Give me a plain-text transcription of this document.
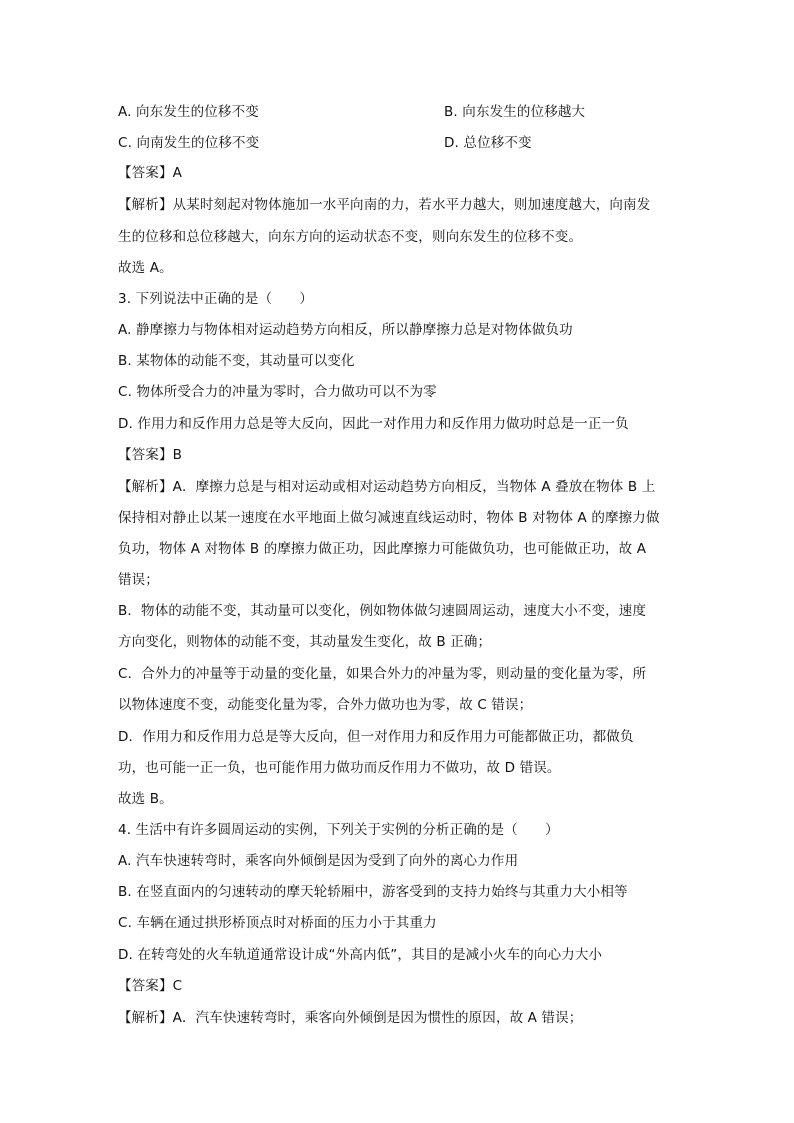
A. 向东发生的位移不变	B. 向东发生的位移越大
C. 向南发生的位移不变	D. 总位移不变
【答案】A
【解析】从某时刻起对物体施加一水平向南的力，若水平力越大，则加速度越大，向南发
生的位移和总位移越大，向东方向的运动状态不变，则向东发生的位移不变。
故选 A。
3. 下列说法中正确的是（　　）
A. 静摩擦力与物体相对运动趋势方向相反，所以静摩擦力总是对物体做负功
B. 某物体的动能不变，其动量可以变化
C. 物体所受合力的冲量为零时，合力做功可以不为零
D. 作用力和反作用力总是等大反向，因此一对作用力和反作用力做功时总是一正一负
【答案】B
【解析】A．摩擦力总是与相对运动或相对运动趋势方向相反，当物体 A 叠放在物体 B 上
保持相对静止以某一速度在水平地面上做匀减速直线运动时，物体 B 对物体 A 的摩擦力做
负功，物体 A 对物体 B 的摩擦力做正功，因此摩擦力可能做负功，也可能做正功，故 A
错误；
B．物体的动能不变，其动量可以变化，例如物体做匀速圆周运动，速度大小不变，速度
方向变化，则物体的动能不变，其动量发生变化，故 B 正确；
C．合外力的冲量等于动量的变化量，如果合外力的冲量为零，则动量的变化量为零，所
以物体速度不变，动能变化量为零，合外力做功也为零，故 C 错误；
D．作用力和反作用力总是等大反向，但一对作用力和反作用力可能都做正功，都做负
功，也可能一正一负，也可能作用力做功而反作用力不做功，故 D 错误。
故选 B。
4. 生活中有许多圆周运动的实例，下列关于实例的分析正确的是（　　）
A. 汽车快速转弯时，乘客向外倾倒是因为受到了向外的离心力作用
B. 在竖直面内的匀速转动的摩天轮轿厢中，游客受到的支持力始终与其重力大小相等
C. 车辆在通过拱形桥顶点时对桥面的压力小于其重力
D. 在转弯处的火车轨道通常设计成“外高内低”，其目的是减小火车的向心力大小
【答案】C
【解析】A．汽车快速转弯时，乘客向外倾倒是因为惯性的原因，故 A 错误；
